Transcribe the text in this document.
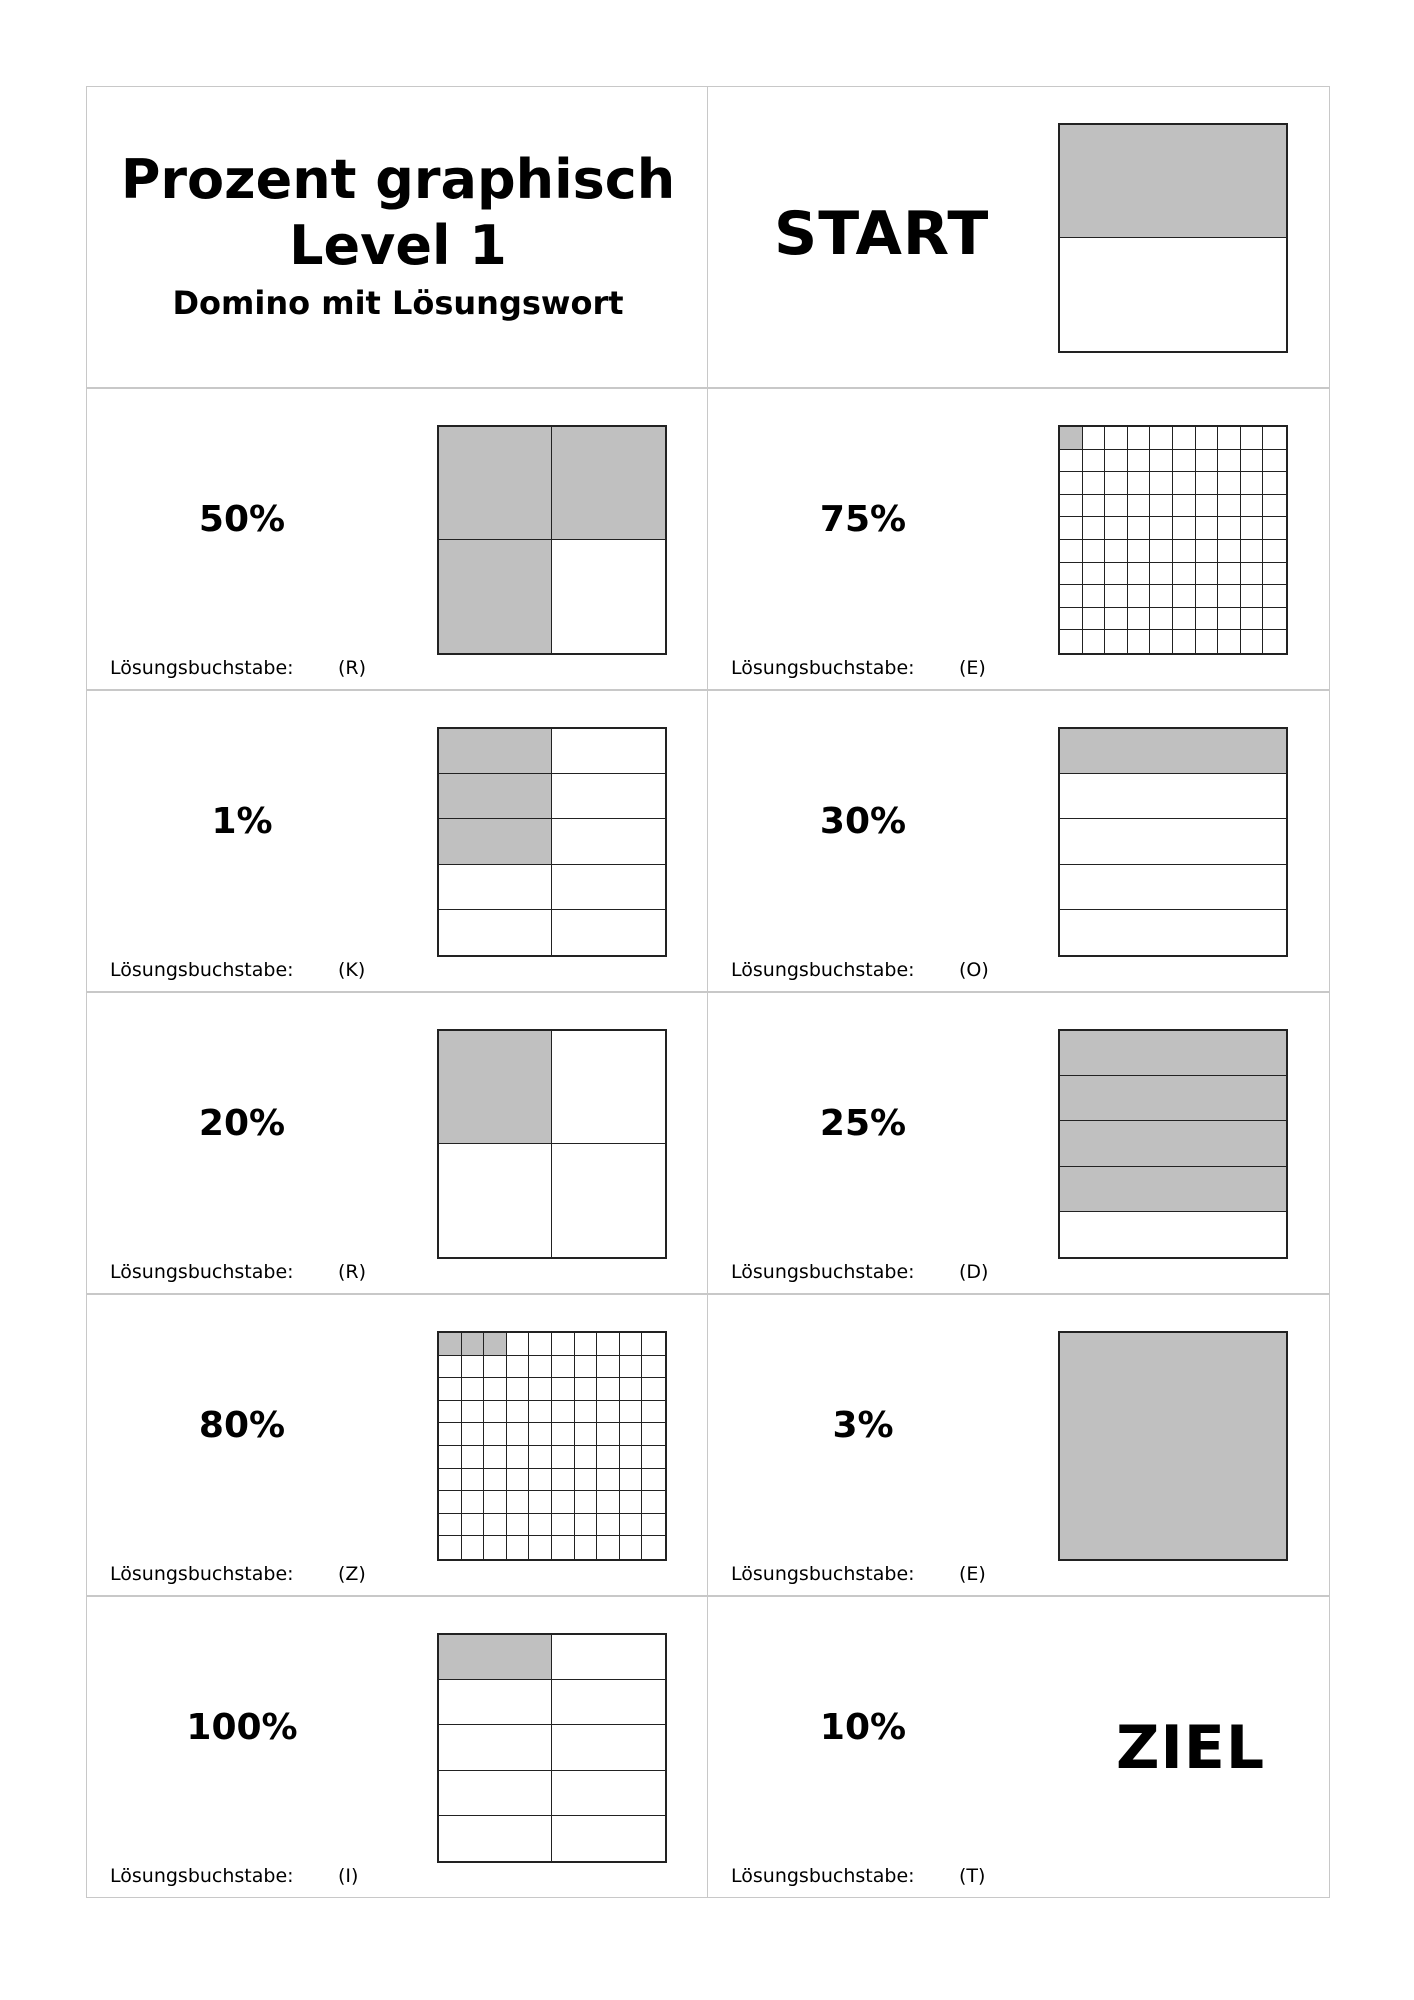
Prozent graphisch
Level 1
Domino mit Lösungswort
START
50%
Lösungsbuchstabe: (R)
75%
Lösungsbuchstabe: (E)
1%
Lösungsbuchstabe: (K)
30%
Lösungsbuchstabe: (O)
20%
Lösungsbuchstabe: (R)
25%
Lösungsbuchstabe: (D)
80%
Lösungsbuchstabe: (Z)
3%
Lösungsbuchstabe: (E)
100%
Lösungsbuchstabe: (I)
10%
Lösungsbuchstabe: (T)
ZIEL
